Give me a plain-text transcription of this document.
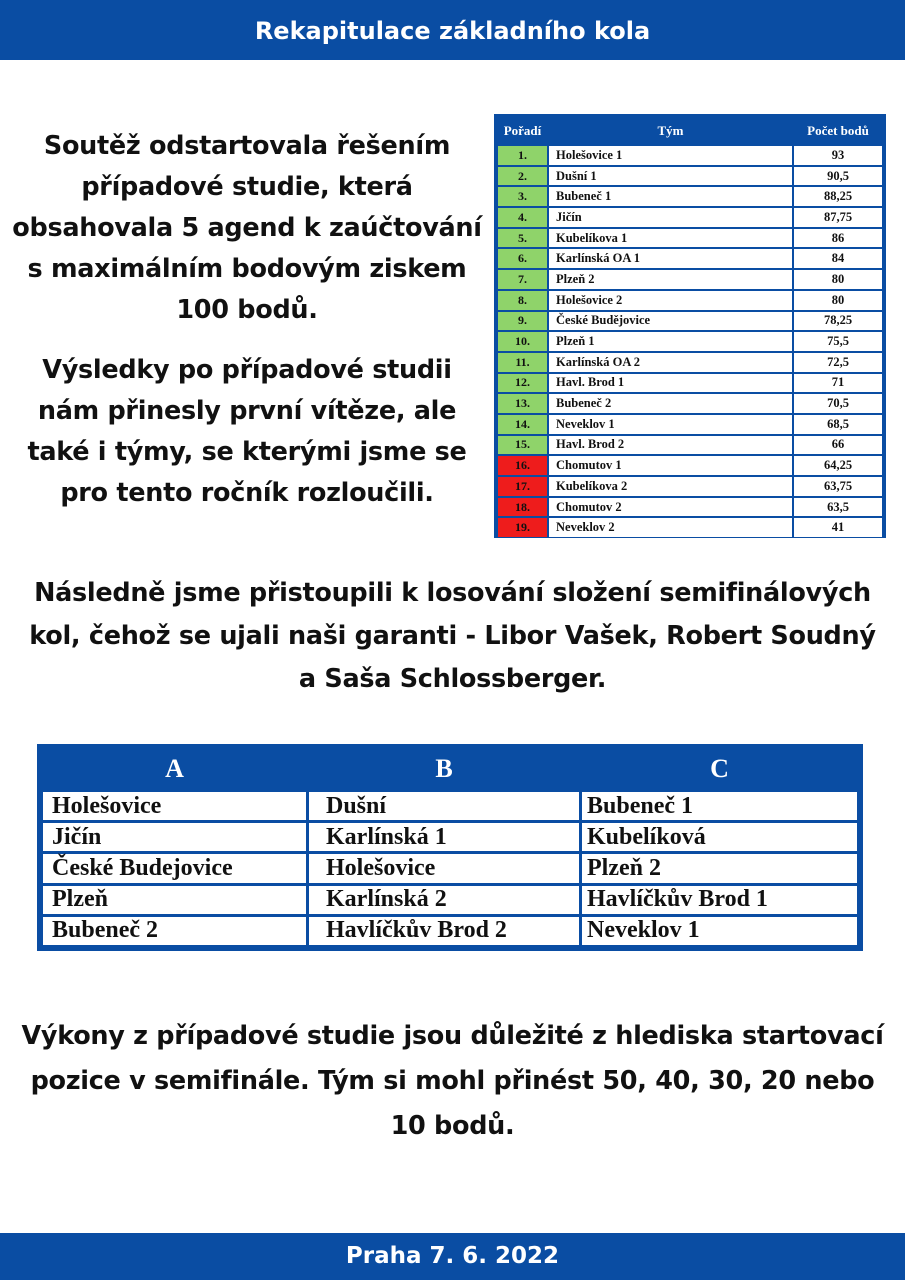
Rekapitulace základního kola
Soutěž odstartovala řešením případové studie, která obsahovala 5 agend k zaúčtování s maximálním bodovým ziskem 100 bodů.
Výsledky po případové studii nám přinesly první vítěze, ale také i týmy, se kterými jsme se pro tento ročník rozloučili.
Pořadí	Tým	Počet bodů
1.	Holešovice 1	93
2.	Dušní 1	90,5
3.	Bubeneč 1	88,25
4.	Jičín	87,75
5.	Kubelíkova 1	86
6.	Karlínská OA 1	84
7.	Plzeň 2	80
8.	Holešovice 2	80
9.	České Budějovice	78,25
10.	Plzeň 1	75,5
11.	Karlínská OA 2	72,5
12.	Havl. Brod 1	71
13.	Bubeneč 2	70,5
14.	Neveklov 1	68,5
15.	Havl. Brod 2	66
16.	Chomutov 1	64,25
17.	Kubelíkova 2	63,75
18.	Chomutov 2	63,5
19.	Neveklov 2	41
Následně jsme přistoupili k losování složení semifinálových kol, čehož se ujali naši garanti - Libor Vašek, Robert Soudný a Saša Schlossberger.
A	B	C
Holešovice	Dušní	Bubeneč 1
Jičín	Karlínská 1	Kubelíková
České Budejovice	Holešovice	Plzeň 2
Plzeň	Karlínská 2	Havlíčkův Brod 1
Bubeneč 2	Havlíčkův Brod 2	Neveklov 1
Výkony z případové studie jsou důležité z hlediska startovací pozice v semifinále. Tým si mohl přinést 50, 40, 30, 20 nebo 10 bodů.
Praha 7. 6. 2022
